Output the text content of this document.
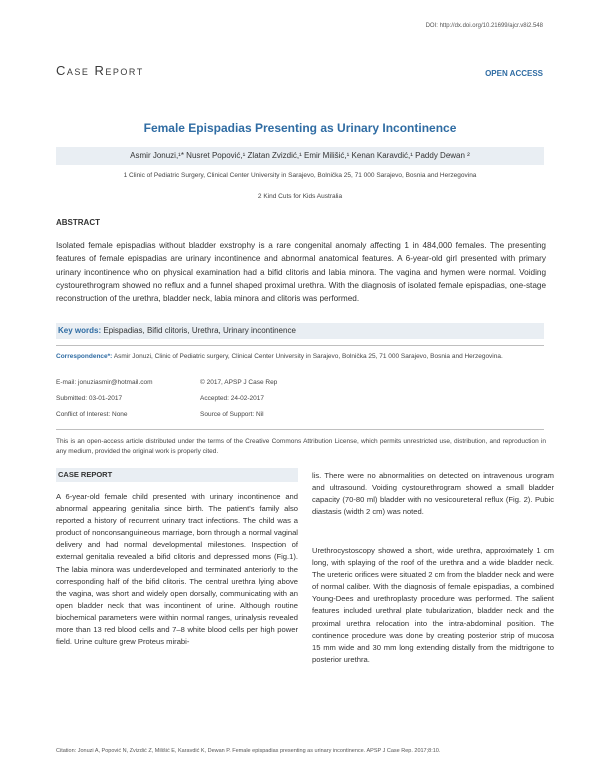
DOI: http://dx.doi.org/10.21699/ajcr.v8i2.548
Case Report	OPEN ACCESS
Female Epispadias Presenting as Urinary Incontinence
Asmir Jonuzi,¹* Nusret Popović,¹ Zlatan Zvizdić,¹ Emir Milišić,¹ Kenan Karavdić,¹ Paddy Dewan ²
1 Clinic of Pediatric Surgery, Clinical Center University in Sarajevo, Bolnička 25, 71 000 Sarajevo, Bosnia and Herzegovina
2 Kind Cuts for Kids Australia
ABSTRACT

Isolated female epispadias without bladder exstrophy is a rare congenital anomaly affecting 1 in 484,000 females. The presenting features of female epispadias are urinary incontinence and abnormal anatomical features. A 6-year-old girl presented with primary urinary incontinence who on physical examination had a bifid clitoris and labia minora. The vagina and hymen were normal. Voiding cystourethrogram showed no reflux and a funnel shaped proximal urethra. With the diagnosis of isolated female epispadias, one-stage reconstruction of the urethra, bladder neck, labia minora and clitoris was performed.

Key words: Epispadias, Bifid clitoris, Urethra, Urinary incontinence

Correspondence*: Asmir Jonuzi, Clinic of Pediatric surgery, Clinical Center University in Sarajevo, Bolnička 25, 71 000 Sarajevo, Bosnia and Herzegovina.

E-mail: jonuziasmir@hotmail.com	© 2017, APSP J Case Rep
Submitted: 03-01-2017	Accepted: 24-02-2017
Conflict of Interest: None	Source of Support: Nil

This is an open-access article distributed under the terms of the Creative Commons Attribution License, which permits unrestricted use, distribution, and reproduction in any medium, provided the original work is properly cited.

CASE REPORT

A 6-year-old female child presented with urinary incontinence and abnormal appearing genitalia since birth. The patient's family also reported a history of recurrent urinary tract infections. The child was a product of nonconsanguineous marriage, born through a normal vaginal delivery and had normal developmental milestones. Inspection of external genitalia revealed a bifid clitoris and depressed mons (Fig.1). The labia minora was underdeveloped and terminated anteriorly to the corresponding half of the bifid clitoris. The central urethra lying above the vagina, was short and widely open dorsally, communicating with an open bladder neck that was incontinent of urine. Although routine biochemical parameters were within normal ranges, urinalysis revealed more than 13 red blood cells and 7–8 white blood cells per high power field. Urine culture grew Proteus mirabi-

lis. There were no abnormalities on detected on intravenous urogram and ultrasound. Voiding cystourethrogram showed a small bladder capacity (70-80 ml) bladder with no vesicoureteral reflux (Fig. 2). Pubic diastasis (width 2 cm) was noted.

Urethrocystoscopy showed a short, wide urethra, approximately 1 cm long, with splaying of the roof of the urethra and a wide bladder neck. The ureteric orifices were situated 2 cm from the bladder neck and were of normal caliber. With the diagnosis of female epispadias, a combined Young-Dees and urethroplasty procedure was performed. The salient features included urethral plate tubularization, bladder neck and the proximal urethra relocation into the intra-abdominal position. The continence procedure was done by creating posterior strip of mucosa 15 mm wide and 30 mm long extending distally from the midtrigone to posterior urethra.

Citation: Jonuzi A, Popović N, Zvizdić Z, Milišić E, Karavdić K, Dewan P. Female epispadias presenting as urinary incontinence. APSP J Case Rep. 2017;8:10.
